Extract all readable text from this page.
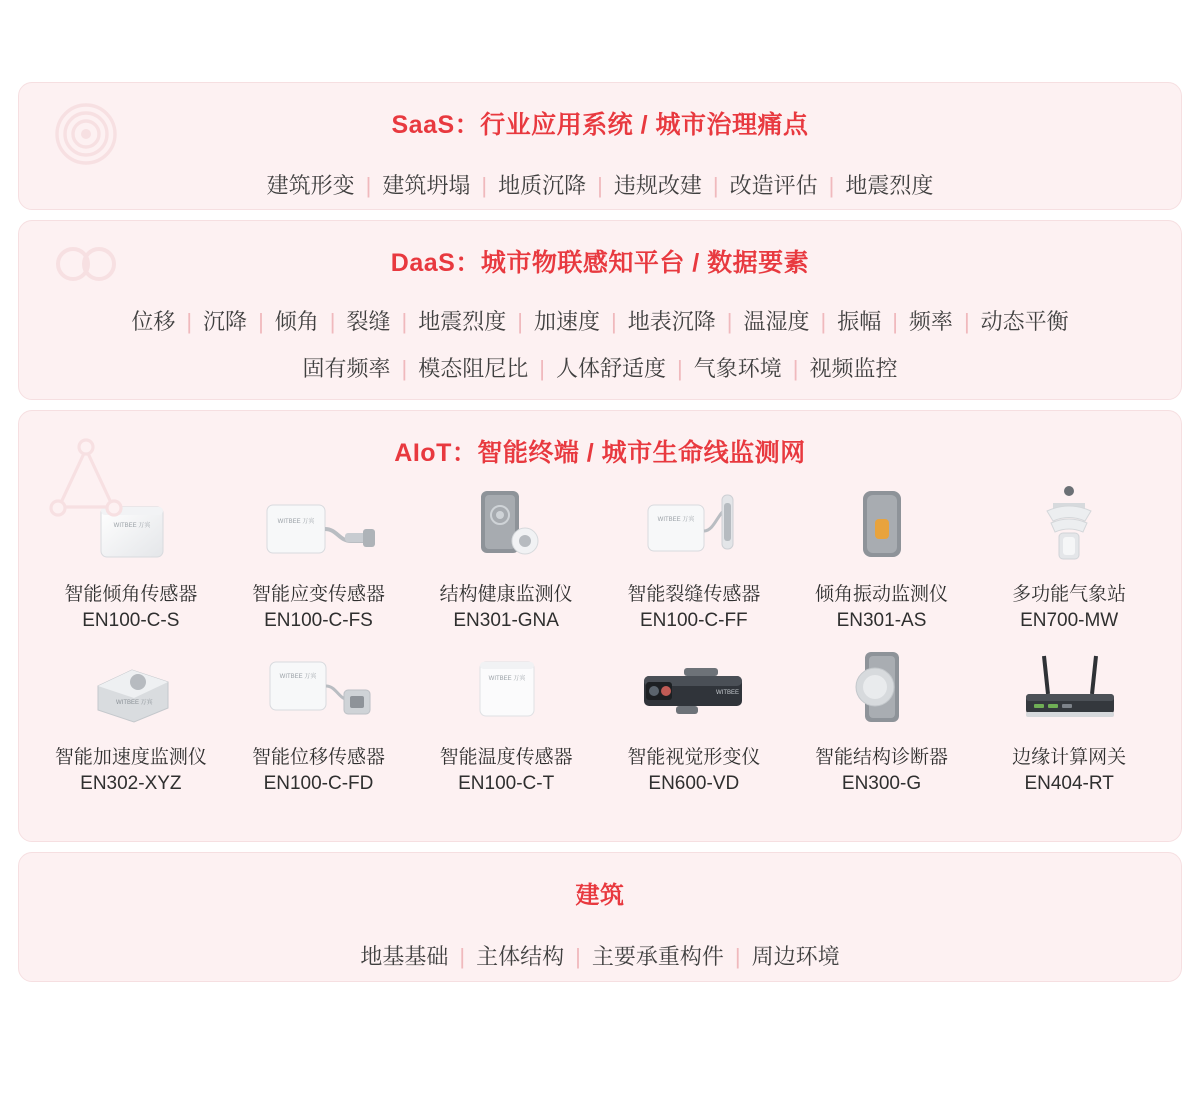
SaaS：行业应用系统 / 城市治理痛点
建筑形变 | 建筑坍塌 | 地质沉降 | 违规改建 | 改造评估 | 地震烈度
DaaS：城市物联感知平台 / 数据要素
位移 | 沉降 | 倾角 | 裂缝 | 地震烈度 | 加速度 | 地表沉降 | 温湿度 | 振幅 | 频率 | 动态平衡
固有频率 | 模态阻尼比 | 人体舒适度 | 气象环境 | 视频监控
AIoT：智能终端 / 城市生命线监测网
WITBEE 万宾
智能倾角传感器
EN100-C-S
WITBEE 万宾
智能应变传感器
EN100-C-FS
结构健康监测仪
EN301-GNA
WITBEE 万宾
智能裂缝传感器
EN100-C-FF
倾角振动监测仪
EN301-AS
多功能气象站
EN700-MW
WITBEE 万宾
智能加速度监测仪
EN302-XYZ
WITBEE 万宾
智能位移传感器
EN100-C-FD
WITBEE 万宾
智能温度传感器
EN100-C-T
WITBEE
智能视觉形变仪
EN600-VD
智能结构诊断器
EN300-G
边缘计算网关
EN404-RT
建筑
地基基础 | 主体结构 | 主要承重构件 | 周边环境
